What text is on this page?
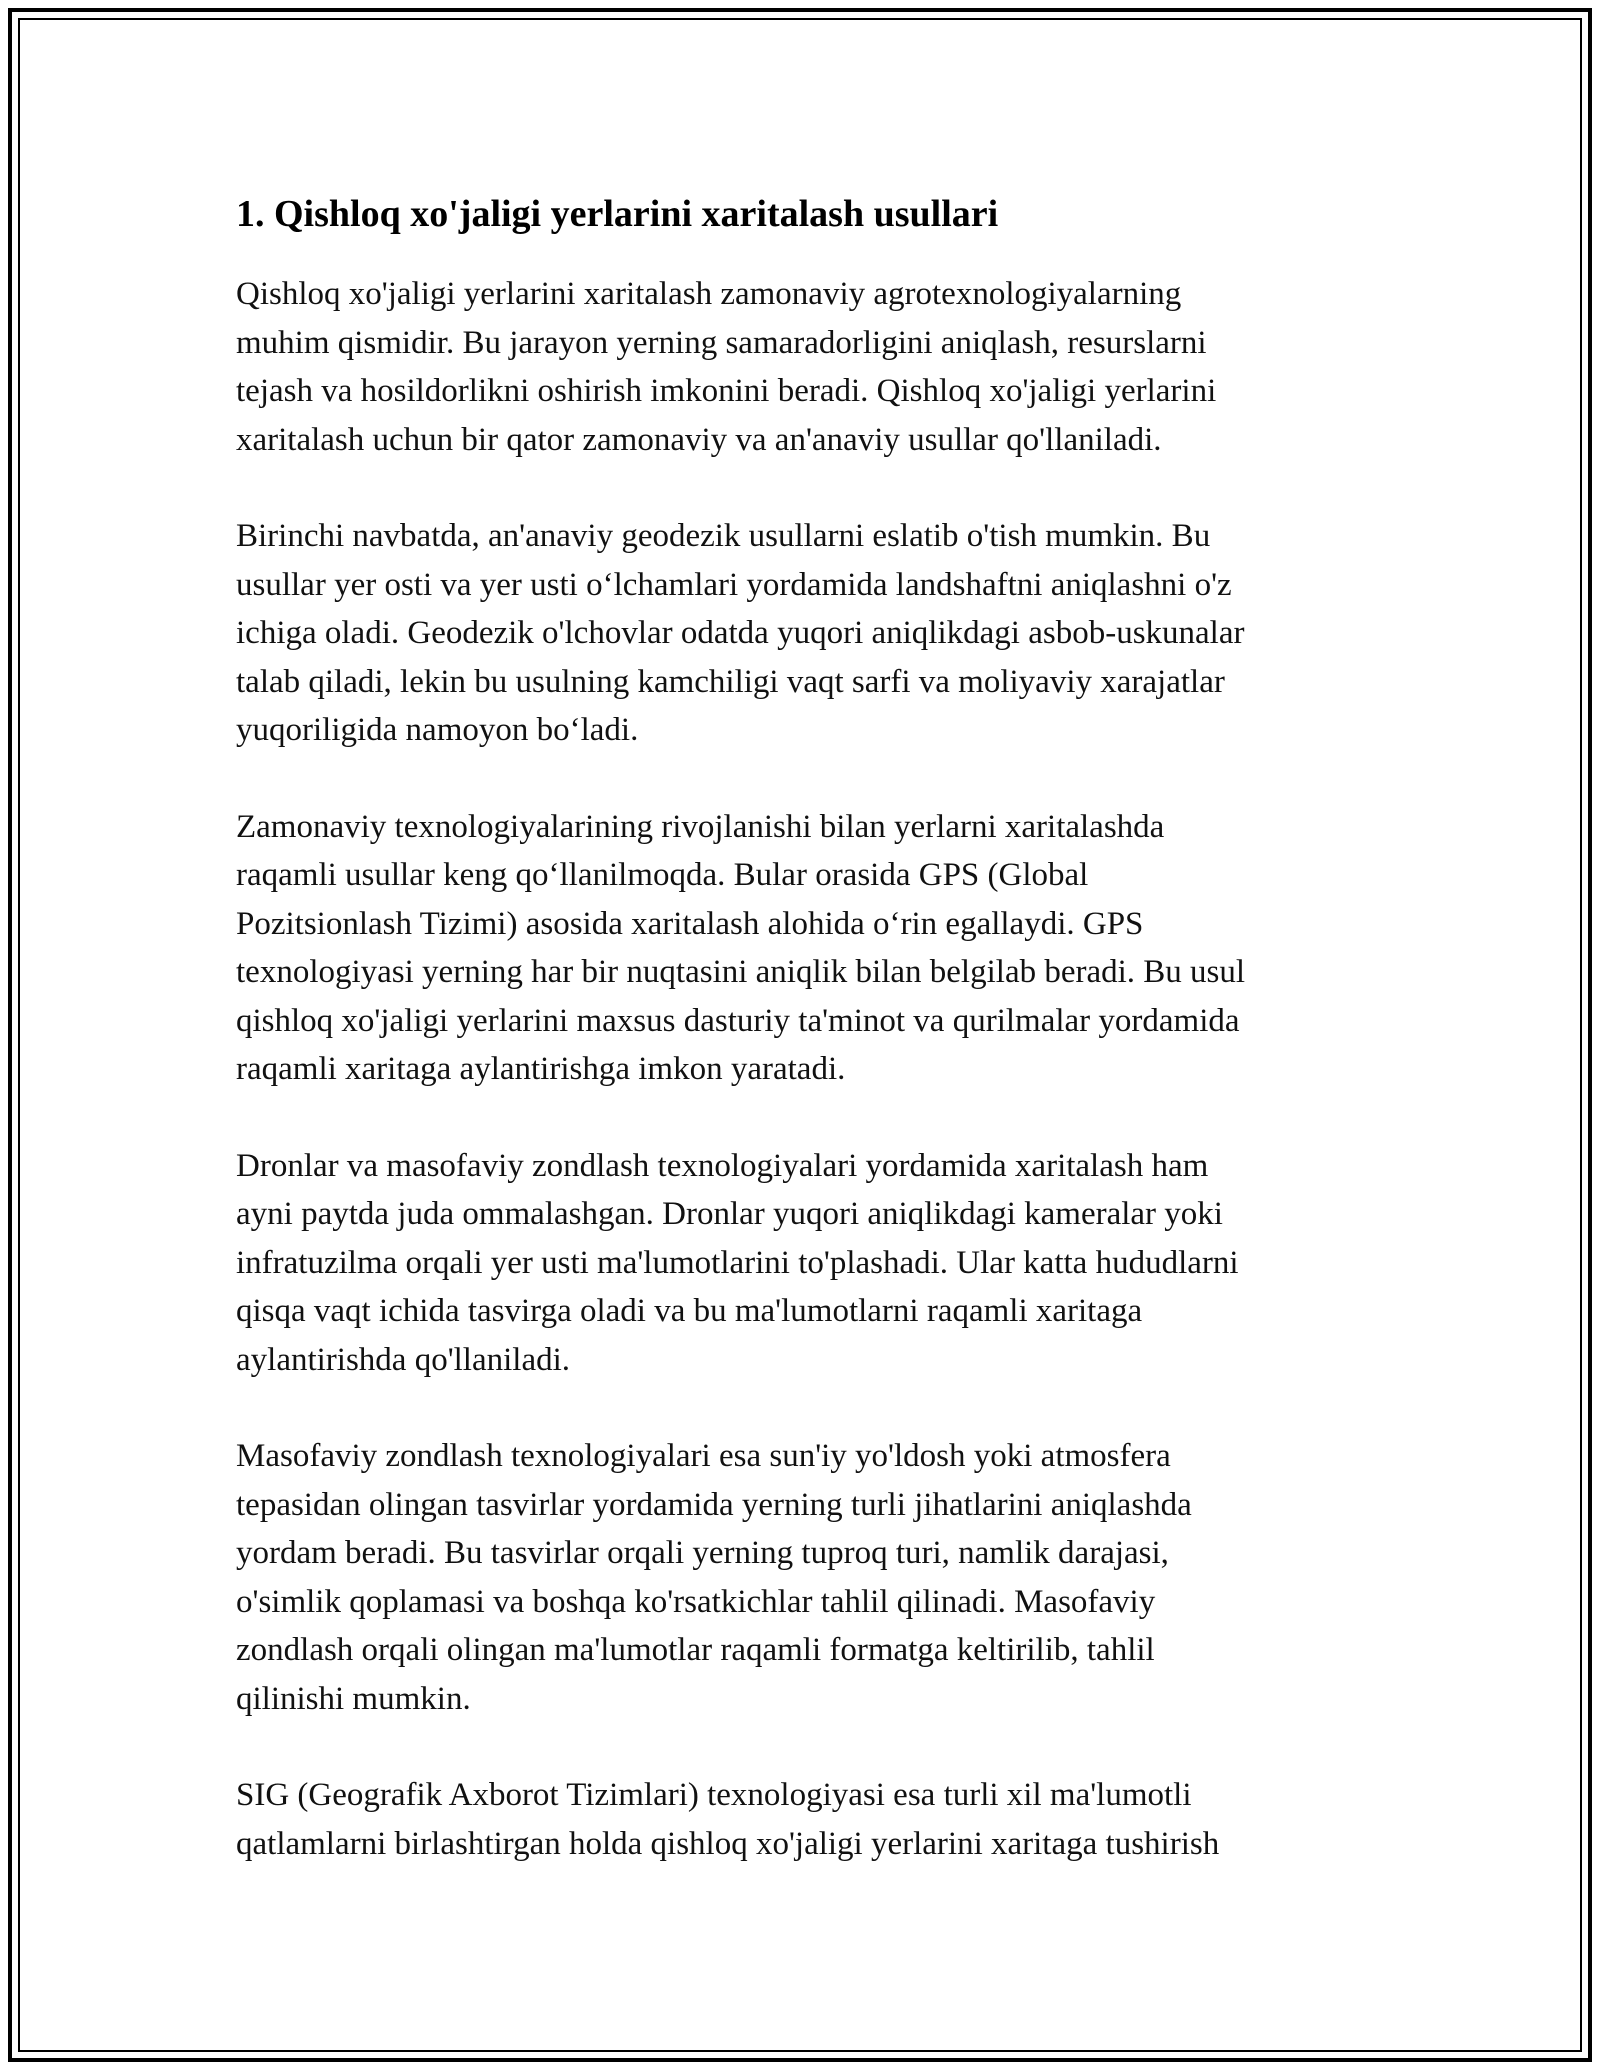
1. Qishloq xo'jaligi yerlarini xaritalash usullari

Qishloq xo'jaligi yerlarini xaritalash zamonaviy agrotexnologiyalarning
muhim qismidir. Bu jarayon yerning samaradorligini aniqlash, resurslarni
tejash va hosildorlikni oshirish imkonini beradi. Qishloq xo'jaligi yerlarini
xaritalash uchun bir qator zamonaviy va an'anaviy usullar qo'llaniladi.

Birinchi navbatda, an'anaviy geodezik usullarni eslatib o'tish mumkin. Bu
usullar yer osti va yer usti o‘lchamlari yordamida landshaftni aniqlashni o'z
ichiga oladi. Geodezik o'lchovlar odatda yuqori aniqlikdagi asbob-uskunalar
talab qiladi, lekin bu usulning kamchiligi vaqt sarfi va moliyaviy xarajatlar
yuqoriligida namoyon bo‘ladi.

Zamonaviy texnologiyalarining rivojlanishi bilan yerlarni xaritalashda
raqamli usullar keng qo‘llanilmoqda. Bular orasida GPS (Global
Pozitsionlash Tizimi) asosida xaritalash alohida o‘rin egallaydi. GPS
texnologiyasi yerning har bir nuqtasini aniqlik bilan belgilab beradi. Bu usul
qishloq xo'jaligi yerlarini maxsus dasturiy ta'minot va qurilmalar yordamida
raqamli xaritaga aylantirishga imkon yaratadi.

Dronlar va masofaviy zondlash texnologiyalari yordamida xaritalash ham
ayni paytda juda ommalashgan. Dronlar yuqori aniqlikdagi kameralar yoki
infratuzilma orqali yer usti ma'lumotlarini to'plashadi. Ular katta hududlarni
qisqa vaqt ichida tasvirga oladi va bu ma'lumotlarni raqamli xaritaga
aylantirishda qo'llaniladi.

Masofaviy zondlash texnologiyalari esa sun'iy yo'ldosh yoki atmosfera
tepasidan olingan tasvirlar yordamida yerning turli jihatlarini aniqlashda
yordam beradi. Bu tasvirlar orqali yerning tuproq turi, namlik darajasi,
o'simlik qoplamasi va boshqa ko'rsatkichlar tahlil qilinadi. Masofaviy
zondlash orqali olingan ma'lumotlar raqamli formatga keltirilib, tahlil
qilinishi mumkin.

SIG (Geografik Axborot Tizimlari) texnologiyasi esa turli xil ma'lumotli
qatlamlarni birlashtirgan holda qishloq xo'jaligi yerlarini xaritaga tushirish
